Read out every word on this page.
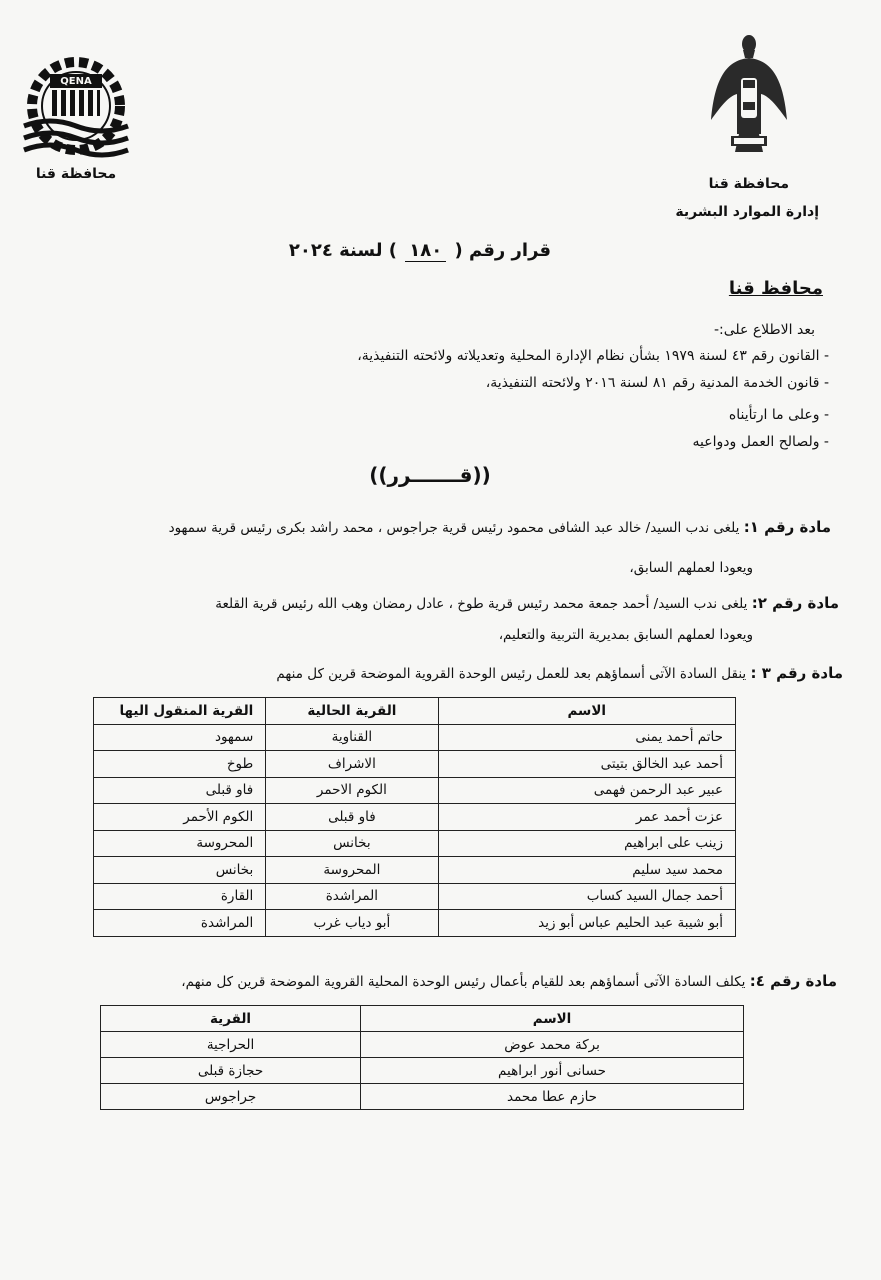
QENA
محافظة قنا
محافظة قنا
إدارة الموارد البشرية
قرار رقم ( ١٨٠ ) لسنة ٢٠٢٤
محافظ قنا
بعد الاطلاع على:-
- القانون رقم ٤٣ لسنة ١٩٧٩ بشأن نظام الإدارة المحلية وتعديلاته ولائحته التنفيذية،
- قانون الخدمة المدنية رقم ٨١ لسنة ٢٠١٦ ولائحته التنفيذية،
- وعلى ما ارتأيناه
- ولصالح العمل ودواعيه
((قـــــــرر))
مادة رقم ١: يلغى ندب السيد/ خالد عبد الشافى محمود رئيس قرية جراجوس ، محمد راشد بكرى رئيس قرية سمهود
ويعودا لعملهم السابق،
مادة رقم ٢: يلغى ندب السيد/ أحمد جمعة محمد رئيس قرية طوخ ، عادل رمضان وهب الله رئيس قرية القلعة
ويعودا لعملهم السابق بمديرية التربية والتعليم،
مادة رقم ٣ : ينقل السادة الآتى أسماؤهم بعد للعمل رئيس الوحدة القروية الموضحة قرين كل منهم
الاسم	القرية الحالية	القرية المنقول اليها
حاتم أحمد يمنى	القناوية	سمهود
أحمد عبد الخالق بتيتى	الاشراف	طوخ
عبير عبد الرحمن فهمى	الكوم الاحمر	فاو قبلى
عزت أحمد عمر	فاو قبلى	الكوم الأحمر
زينب على ابراهيم	بخانس	المحروسة
محمد سيد سليم	المحروسة	بخانس
أحمد جمال السيد كساب	المراشدة	القارة
أبو شيبة عبد الحليم عباس أبو زيد	أبو دياب غرب	المراشدة
مادة رقم ٤: يكلف السادة الآتى أسماؤهم بعد للقيام بأعمال رئيس الوحدة المحلية القروية الموضحة قرين كل منهم،
الاسم	القرية
بركة محمد عوض	الحراجية
حسانى أنور ابراهيم	حجازة قبلى
حازم عطا محمد	جراجوس
